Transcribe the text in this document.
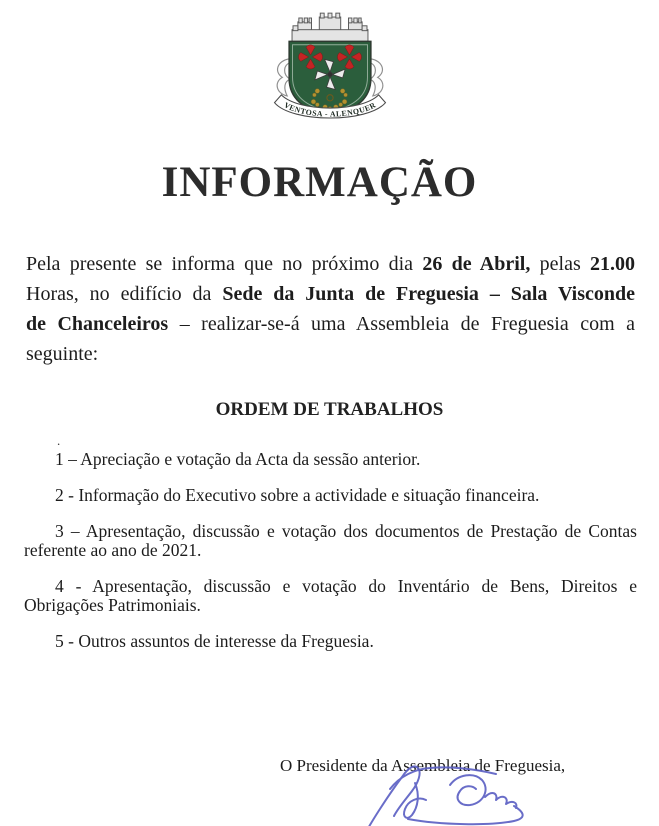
VENTOSA - ALENQUER
INFORMAÇÃO
Pela presente se informa que no próximo dia 26 de Abril, pelas 21.00
Horas, no edifício da Sede da Junta de Freguesia – Sala Visconde
de Chanceleiros – realizar-se-á uma Assembleia de Freguesia com a
seguinte:
ORDEM DE TRABALHOS
.
1 – Apreciação e votação da Acta da sessão anterior.
2 - Informação do Executivo sobre a actividade e situação financeira.
3 – Apresentação, discussão e votação dos documentos de Prestação de Contas
referente ao ano de 2021.
4 - Apresentação, discussão e votação do Inventário de Bens, Direitos e
Obrigações Patrimoniais.
5 - Outros assuntos de interesse da Freguesia.
O Presidente da Assembleia de Freguesia,
